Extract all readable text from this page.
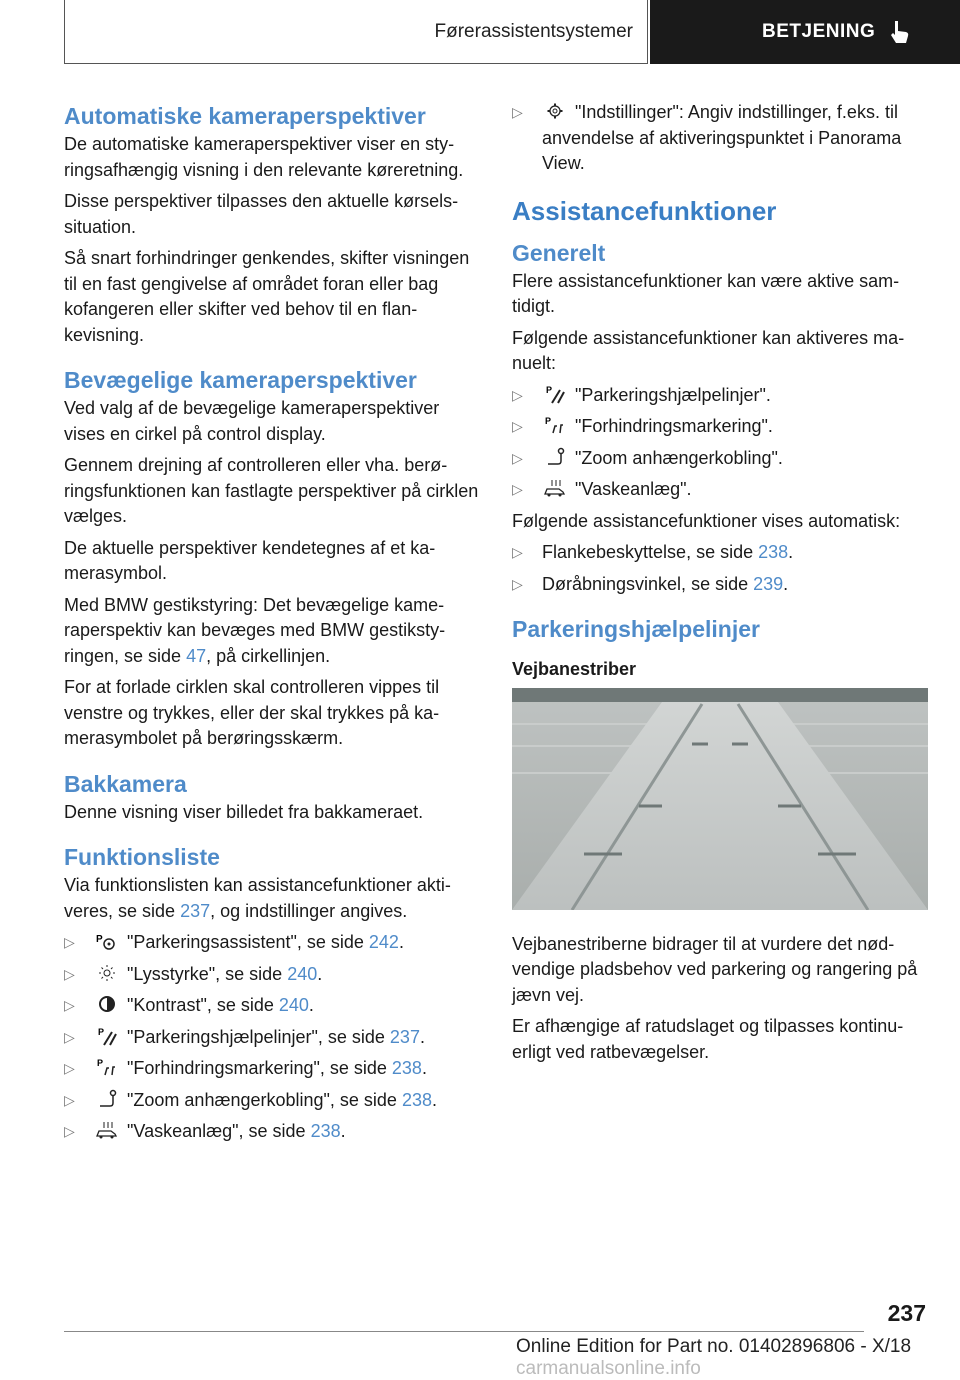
Førerassistentsystemer	BETJENING
Automatiske kameraperspektiver

De automatiske kameraperspektiver viser en styringsafhængig visning i den relevante køreretning.

Disse perspektiver tilpasses den aktuelle kørselssituation.

Så snart forhindringer genkendes, skifter visningen til en fast gengivelse af området foran eller bag kofangeren eller skifter ved behov til en flankevisning.

Bevægelige kameraperspektiver

Ved valg af de bevægelige kameraperspektiver vises en cirkel på control display.

Gennem drejning af controlleren eller vha. berøringsfunktionen kan fastlagte perspektiver på cirklen vælges.

De aktuelle perspektiver kendetegnes af et kamerasymbol.

Med BMW gestikstyring: Det bevægelige kameraperspektiv kan bevæges med BMW gestikstyringen, se side 47, på cirkellinjen.

For at forlade cirklen skal controlleren vippes til venstre og trykkes, eller der skal trykkes på kamerasymbolet på berøringsskærm.

Bakkamera

Denne visning viser billedet fra bakkameraet.

Funktionsliste

Via funktionslisten kan assistancefunktioner aktiveres, se side 237, og indstillinger angives.

▷ P "Parkeringsassistent", se side 242.
▷	"Lysstyrke", se side 240.
▷	"Kontrast", se side 240.
▷	P "Parkeringshjælpelinjer", se side 237.
▷ P "Forhindringsmarkering", se side 238.
▷	"Zoom anhængerkobling", se side 238.
▷	"Vaskeanlæg", se side 238.
▷	"Indstillinger": Angiv indstillinger, f.eks. til anvendelse af aktiveringspunktet i Panorama View.
Assistancefunktioner
Generelt

Flere assistancefunktioner kan være aktive samtidigt.

Følgende assistancefunktioner kan aktiveres manuelt:

▷	P "Parkeringshjælpelinjer".
▷ P "Forhindringsmarkering".
▷	"Zoom anhængerkobling".
▷	"Vaskeanlæg".

Følgende assistancefunktioner vises automatisk:

▷ Flankebeskyttelse, se side 238.
▷ Døråbningsvinkel, se side 239.
Parkeringshjælpelinjer
Vejbanestriber

Vejbanestriberne bidrager til at vurdere det nødvendige pladsbehov ved parkering og rangering på jævn vej.

Er afhængige af ratudslaget og tilpasses kontinuerligt ved ratbevægelser.

237
Online Edition for Part no. 01402896806 - X/18 carmanualsonline.info
